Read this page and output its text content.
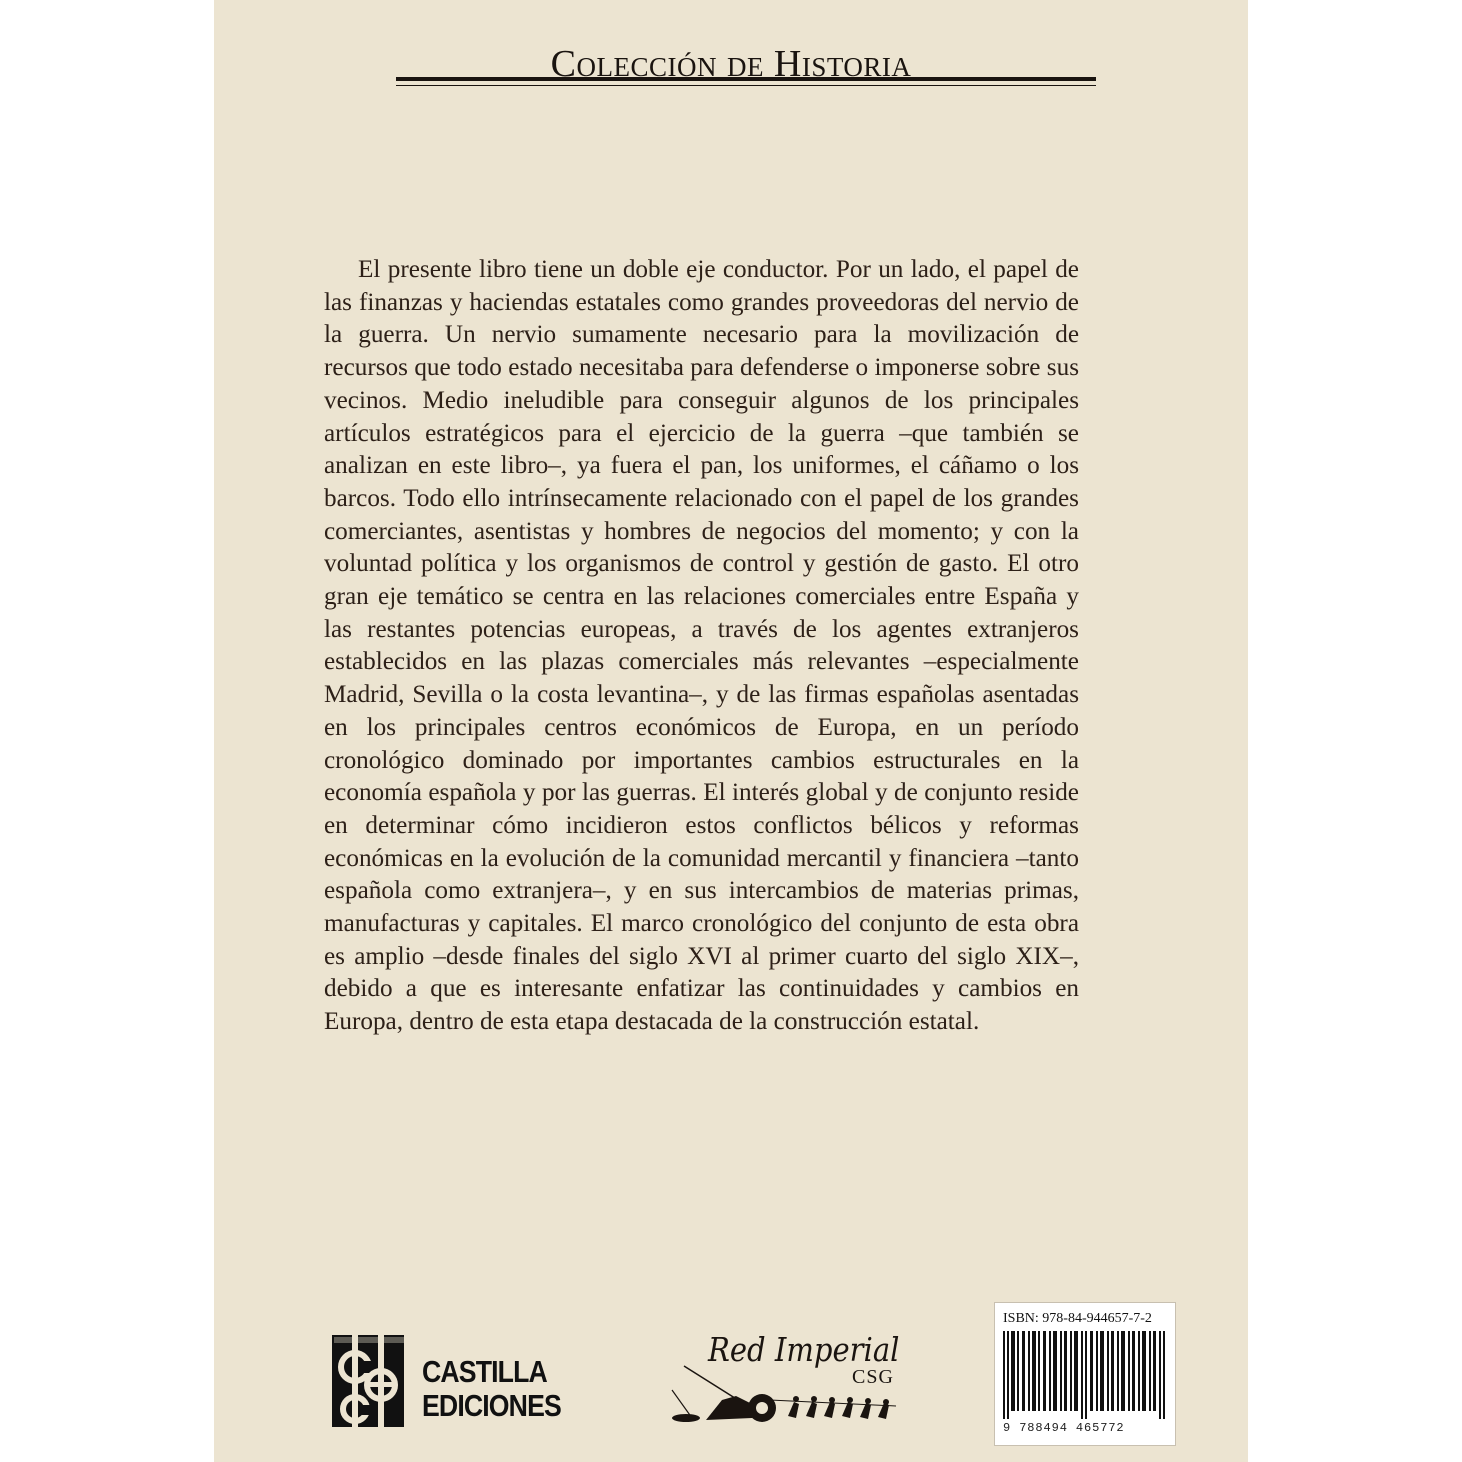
Colección de Historia

El presente libro tiene un doble eje conductor. Por un lado, el papel de las finanzas y haciendas estatales como grandes proveedoras del nervio de la guerra. Un nervio sumamente necesario para la movilización de recursos que todo estado necesitaba para defenderse o imponerse sobre sus vecinos. Medio ineludible para conseguir algunos de los principales artículos estratégicos para el ejercicio de la guerra –que también se analizan en este libro–, ya fuera el pan, los uniformes, el cáñamo o los barcos. Todo ello intrínsecamente relacionado con el papel de los grandes comerciantes, asentistas y hombres de negocios del momento; y con la voluntad política y los organismos de control y gestión de gasto. El otro gran eje temático se centra en las relaciones comerciales entre España y las restantes potencias europeas, a través de los agentes extranjeros establecidos en las plazas comerciales más relevantes –especialmente Madrid, Sevilla o la costa levantina–, y de las firmas españolas asentadas en los principales centros económicos de Europa, en un período cronológico dominado por importantes cambios estructurales en la economía española y por las guerras. El interés global y de conjunto reside en determinar cómo incidieron estos conflictos bélicos y reformas económicas en la evolución de la comunidad mercantil y financiera –tanto española como extranjera–, y en sus intercambios de materias primas, manufacturas y capitales. El marco cronológico del conjunto de esta obra es amplio –desde finales del siglo XVI al primer cuarto del siglo XIX–, debido a que es interesante enfatizar las continuidades y cambios en Europa, dentro de esta etapa destacada de la construcción estatal.

CASTILLA
EDICIONES
Red Imperial
CSG
ISBN: 978-84-944657-7-2
9 788494 465772
